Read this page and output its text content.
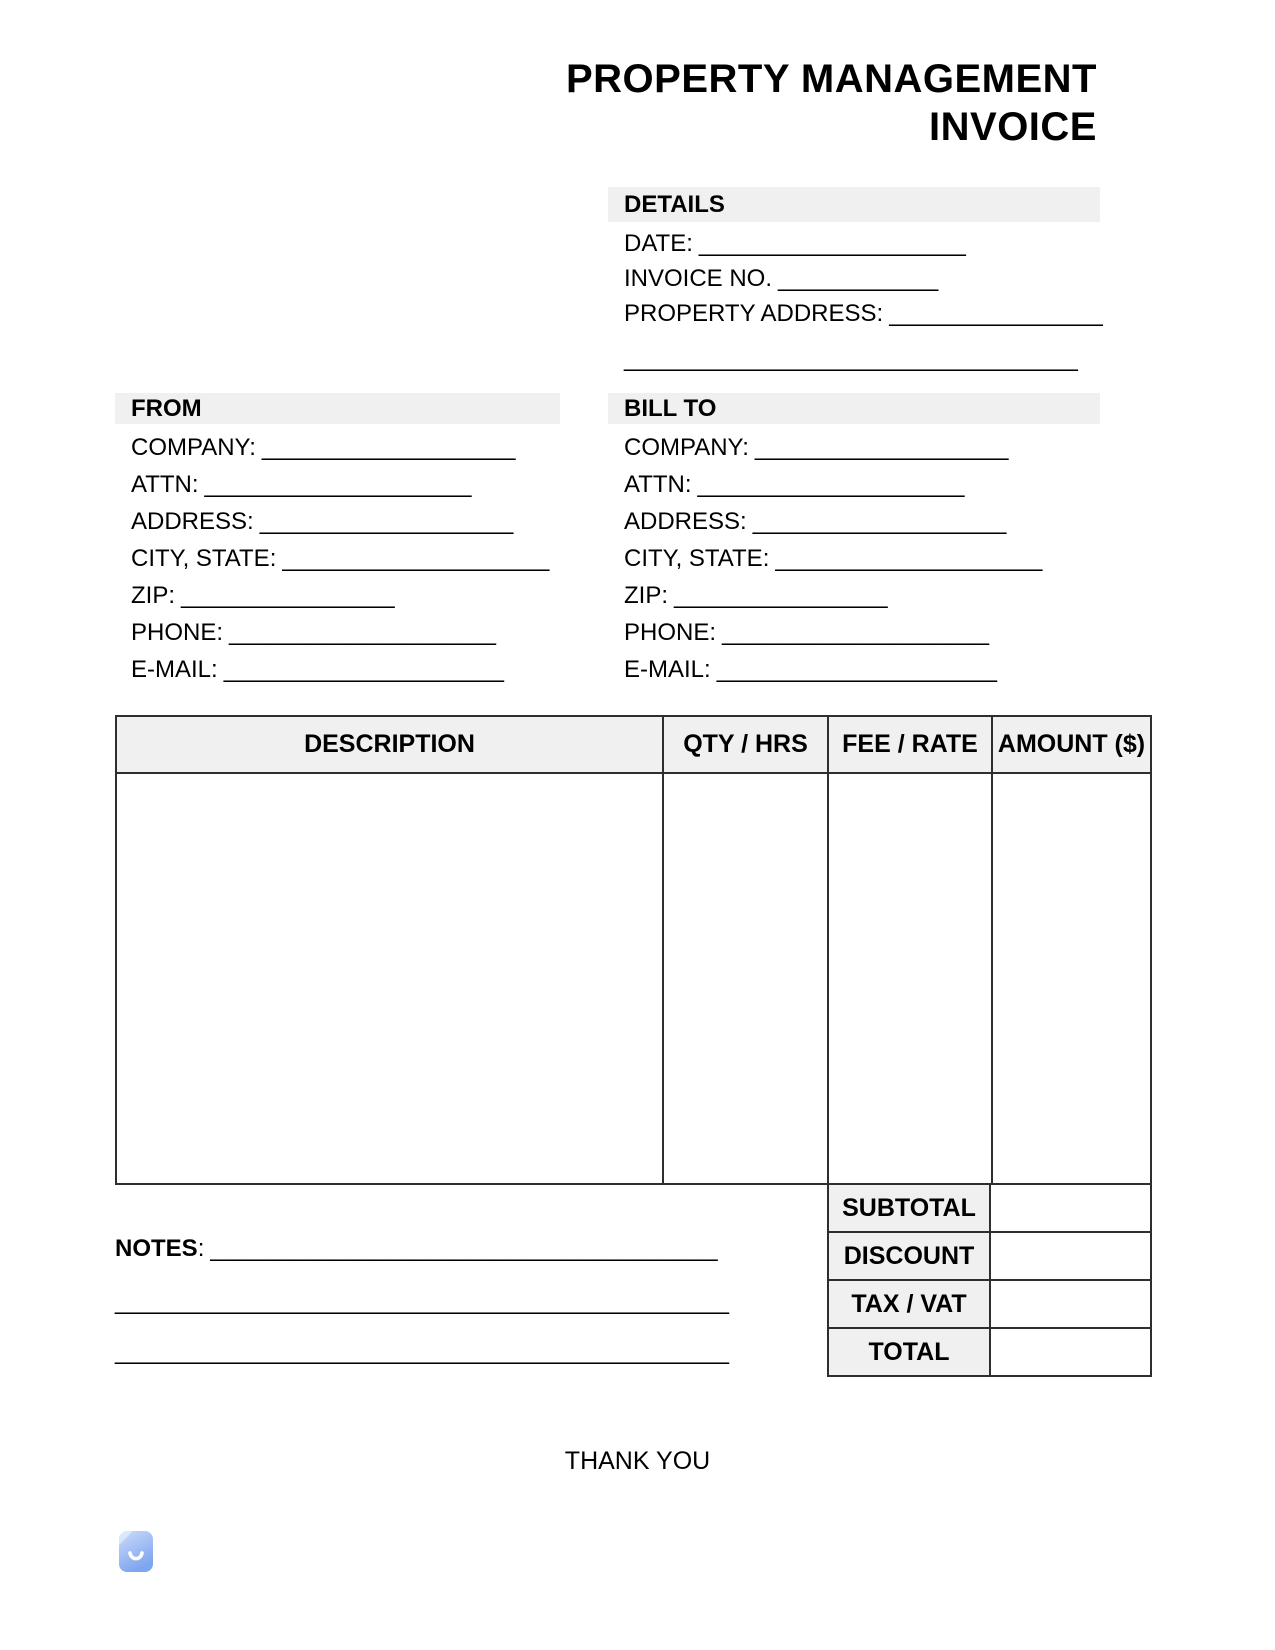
PROPERTY MANAGEMENT
INVOICE
DETAILS
DATE: ____________________
INVOICE NO. ____________
PROPERTY ADDRESS: ________________
__________________________________
FROM
COMPANY: ___________________
ATTN: ____________________
ADDRESS: ___________________
CITY, STATE: ____________________
ZIP: ________________
PHONE: ____________________
E-MAIL: _____________________
BILL TO
COMPANY: ___________________
ATTN: ____________________
ADDRESS: ___________________
CITY, STATE: ____________________
ZIP: ________________
PHONE: ____________________
E-MAIL: _____________________
DESCRIPTION	QTY / HRS	FEE / RATE AMOUNT ($)
SUBTOTAL
DISCOUNT
TAX / VAT
TOTAL
NOTES: ______________________________________
______________________________________________
______________________________________________
THANK YOU
